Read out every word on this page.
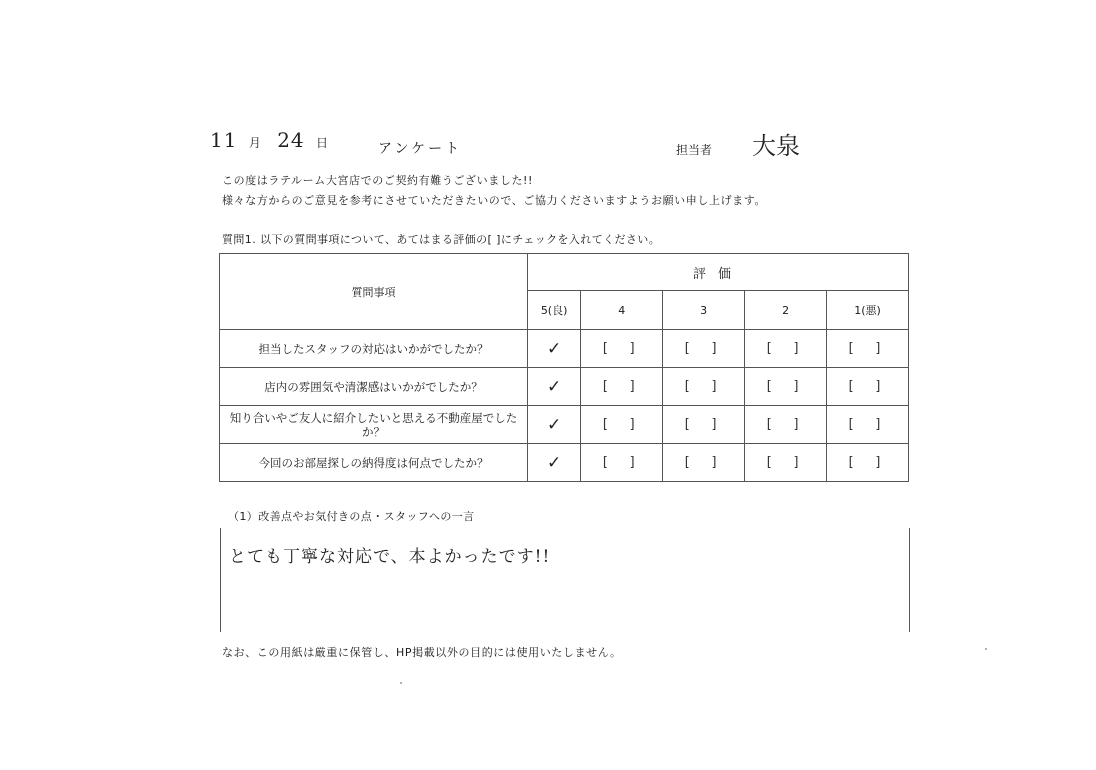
11 月 24 日	アンケート	担当者 大泉
この度はラテルーム大宮店でのご契約有難うございました!!
様々な方からのご意見を参考にさせていただきたいので、ご協力くださいますようお願い申し上げます。
質問1. 以下の質問事項について、あてはまる評価の[ ]にチェックを入れてください。
質問事項	評価				
	5(良)	4	3	2	1(悪)
担当したスタッフの対応はいかがでしたか？	✓	[ ]	[ ]	[ ]	[ ]
店内の雰囲気や清潔感はいかがでしたか？	✓	[ ]	[ ]	[ ]	[ ]
知り合いやご友人に紹介したいと思える不動産屋でしたか？	✓	[ ]	[ ]	[ ]	[ ]
今回のお部屋探しの納得度は何点でしたか？	✓	[ ]	[ ]	[ ]	[ ]
（1）改善点やお気付きの点・スタッフへの一言
とても丁寧な対応で、本よかったです!!
なお、この用紙は厳重に保管し、HP掲載以外の目的には使用いたしません。
